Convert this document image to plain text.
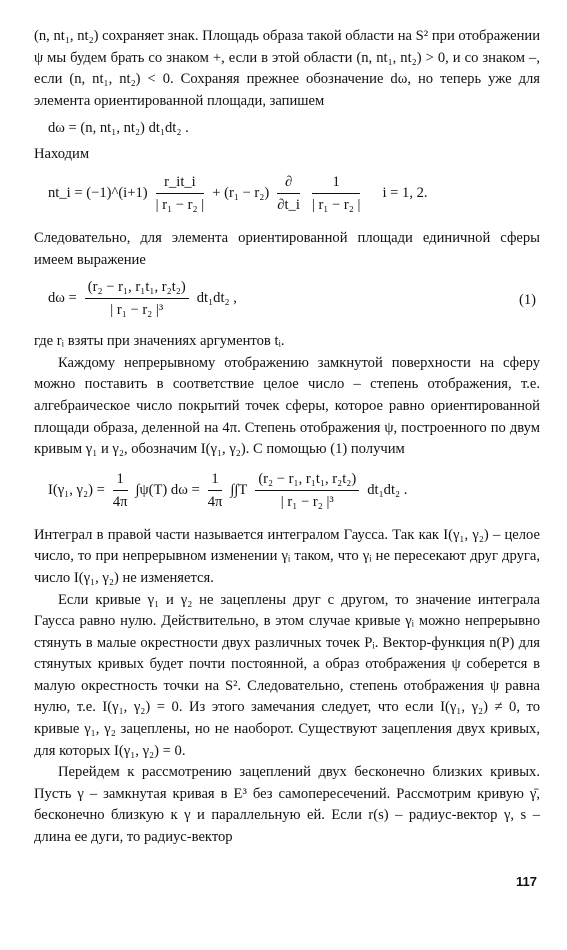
(n, nt₁, nt₂) сохраняет знак. Площадь образа такой области на S² при отображении ψ мы будем брать со знаком +, если в этой области (n, nt₁, nt₂) > 0, и со знаком –, если (n, nt₁, nt₂) < 0. Сохраняя прежнее обозначение dω, но теперь уже для элемента ориентированной площади, запишем

dω = (n, nt₁, nt₂) dt₁dt₂ .

Находим

nt_i = (−1)^(i+1) $\frac{r\_it\_i}{\text{| r₁ − r₂ |}} + (r_1 - r_2) \frac{\partial}{\partial t\_i}$
$\frac{1}{\text{| r₁ − r₂ |}}$ i = 1, 2.

Следовательно, для элемента ориентированной площади единичной сферы имеем выражение

$d\omega = \frac{\text{(r₂ − r₁, r₁t₁, r₂t₂)}}{\text{| r₁ − r₂ |³}} dt_1dt_2$ ,	(1)

где rᵢ взяты при значениях аргументов tᵢ.

Каждому непрерывному отображению замкнутой поверхности на сферу можно поставить в соответствие целое число – степень отображения, т.е. алгебраическое число покрытий точек сферы, которое равно ориентированной площади образа, деленной на 4π. Степень отображения ψ, построенного по двум кривым γ₁ и γ₂, обозначим I(γ₁, γ₂). С помощью (1) получим

I(γ₁, $\gamma_2) = \frac{1}{4\pi} \int\psi(T) d\omega = \frac{1}{4\pi} \int\int T \frac{\text{(r₂ − r₁, r₁t₁, r₂t₂)}}{\text{| r₁ − r₂ |³}} dt_1dt_2$ .

Интеграл в правой части называется интегралом Гаусса. Так как I(γ₁, γ₂) – целое число, то при непрерывном изменении γᵢ таком, что γᵢ не пересекают друг друга, число I(γ₁, γ₂) не изменяется.

Если кривые γ₁ и γ₂ не зацеплены друг с другом, то значение интеграла Гаусса равно нулю. Действительно, в этом случае кривые γᵢ можно непрерывно стянуть в малые окрестности двух различных точек Pᵢ. Вектор-функция n(P) для стянутых кривых будет почти постоянной, а образ отображения ψ соберется в малую окрестность точки на S². Следовательно, степень отображения ψ равна нулю, т.е. I(γ₁, γ₂) = 0. Из этого замечания следует, что если I(γ₁, γ₂) ≠ 0, то кривые γ₁, γ₂ зацеплены, но не наоборот. Существуют зацепления двух кривых, для которых I(γ₁, γ₂) = 0.

Перейдем к рассмотрению зацеплений двух бесконечно близких кривых. Пусть γ – замкнутая кривая в E³ без самопересечений. Рассмотрим кривую γ̄, бесконечно близкую к γ и параллельную ей. Если r(s) – радиус-вектор γ, s – длина ее дуги, то радиус-вектор

117
